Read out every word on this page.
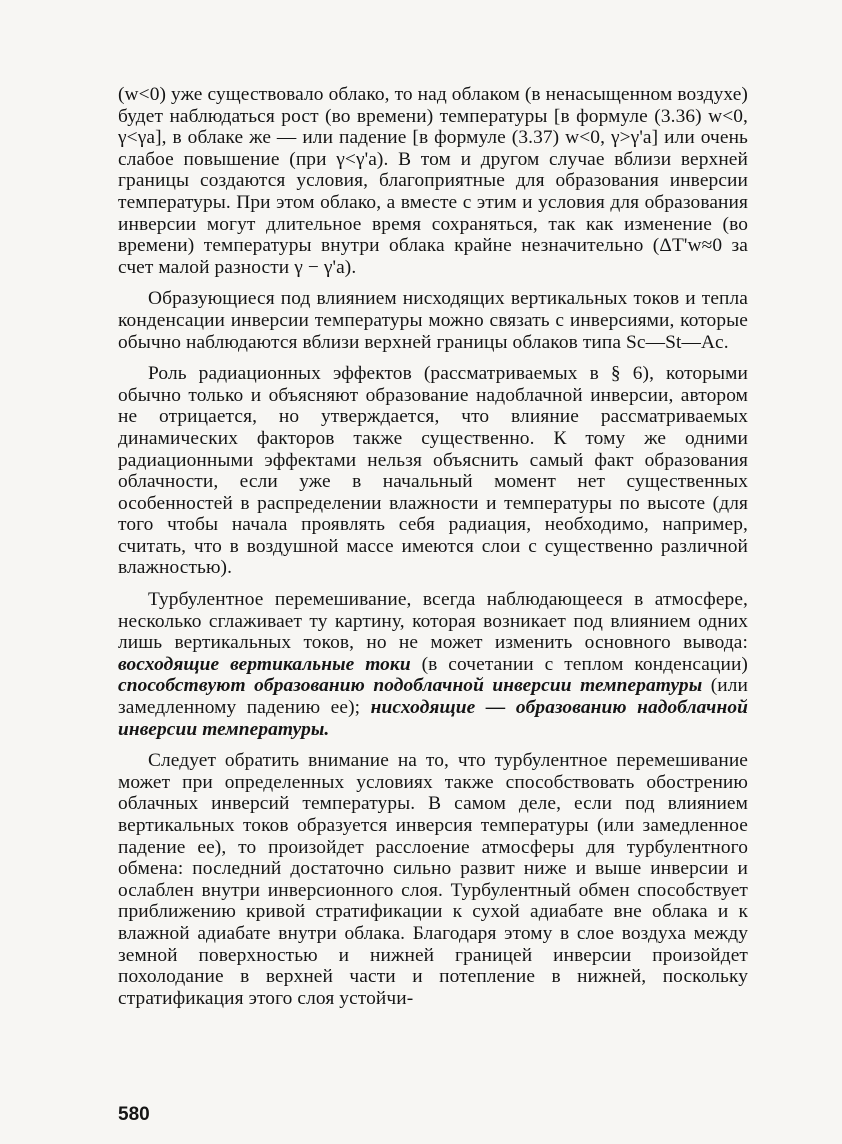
(w<0) уже существовало облако, то над облаком (в ненасыщенном воздухе) будет наблюдаться рост (во времени) температуры [в формуле (3.36) w<0, γ<γа], в облаке же — или падение [в формуле (3.37) w<0, γ>γ'а] или очень слабое повышение (при γ<γ'а). В том и другом случае вблизи верхней границы создаются условия, благоприятные для образования инверсии температуры. При этом облако, а вместе с этим и условия для образования инверсии могут длительное время сохраняться, так как изменение (во времени) температуры внутри облака крайне незначительно (ΔT'w≈0 за счет малой разности γ − γ'а).

Образующиеся под влиянием нисходящих вертикальных токов и тепла конденсации инверсии температуры можно связать с инверсиями, которые обычно наблюдаются вблизи верхней границы облаков типа Sc—St—Ac.

Роль радиационных эффектов (рассматриваемых в § 6), которыми обычно только и объясняют образование надоблачной инверсии, автором не отрицается, но утверждается, что влияние рассматриваемых динамических факторов также существенно. К тому же одними радиационными эффектами нельзя объяснить самый факт образования облачности, если уже в начальный момент нет существенных особенностей в распределении влажности и температуры по высоте (для того чтобы начала проявлять себя радиация, необходимо, например, считать, что в воздушной массе имеются слои с существенно различной влажностью).

Турбулентное перемешивание, всегда наблюдающееся в атмосфере, несколько сглаживает ту картину, которая возникает под влиянием одних лишь вертикальных токов, но не может изменить основного вывода: восходящие вертикальные токи (в сочетании с теплом конденсации) способствуют образованию подоблачной инверсии температуры (или замедленному падению ее); нисходящие — образованию надоблачной инверсии температуры.

Следует обратить внимание на то, что турбулентное перемешивание может при определенных условиях также способствовать обострению облачных инверсий температуры. В самом деле, если под влиянием вертикальных токов образуется инверсия температуры (или замедленное падение ее), то произойдет расслоение атмосферы для турбулентного обмена: последний достаточно сильно развит ниже и выше инверсии и ослаблен внутри инверсионного слоя. Турбулентный обмен способствует приближению кривой стратификации к сухой адиабате вне облака и к влажной адиабате внутри облака. Благодаря этому в слое воздуха между земной поверхностью и нижней границей инверсии произойдет похолодание в верхней части и потепление в нижней, поскольку стратификация этого слоя устойчи-

580
